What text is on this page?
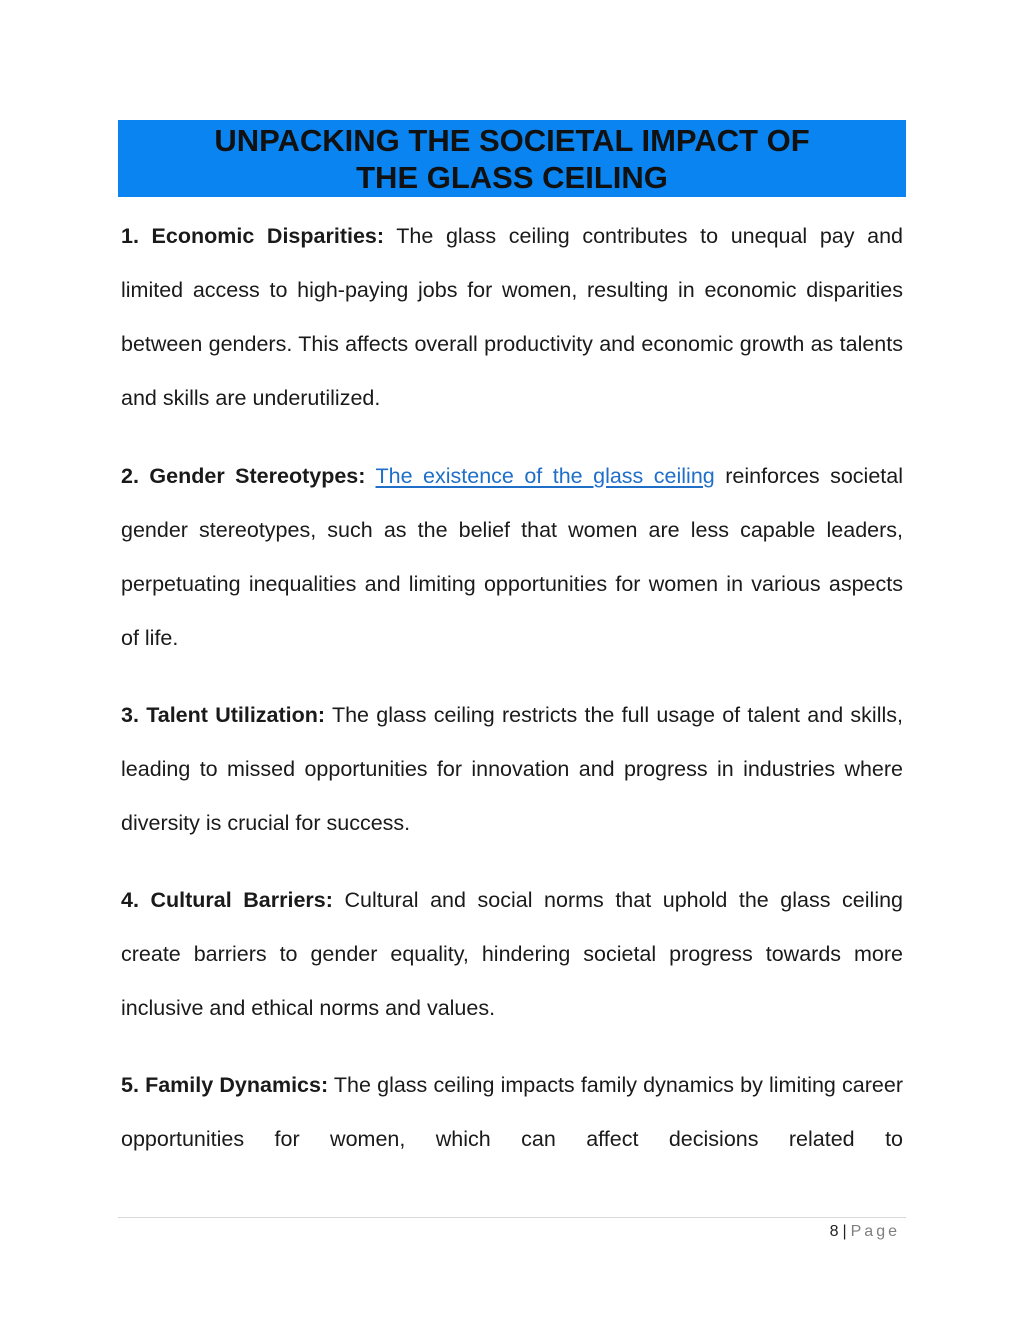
UNPACKING THE SOCIETAL IMPACT OF
THE GLASS CEILING

1. Economic Disparities: The glass ceiling contributes to unequal pay and limited access to high-paying jobs for women, resulting in economic disparities between genders. This affects overall productivity and economic growth as talents and skills are underutilized.

2. Gender Stereotypes: The existence of the glass ceiling reinforces societal gender stereotypes, such as the belief that women are less capable leaders, perpetuating inequalities and limiting opportunities for women in various aspects of life.

3. Talent Utilization: The glass ceiling restricts the full usage of talent and skills, leading to missed opportunities for innovation and progress in industries where diversity is crucial for success.

4. Cultural Barriers: Cultural and social norms that uphold the glass ceiling create barriers to gender equality, hindering societal progress towards more inclusive and ethical norms and values.

5. Family Dynamics: The glass ceiling impacts family dynamics by limiting career opportunities for women, which can affect decisions related to

8 | Page
